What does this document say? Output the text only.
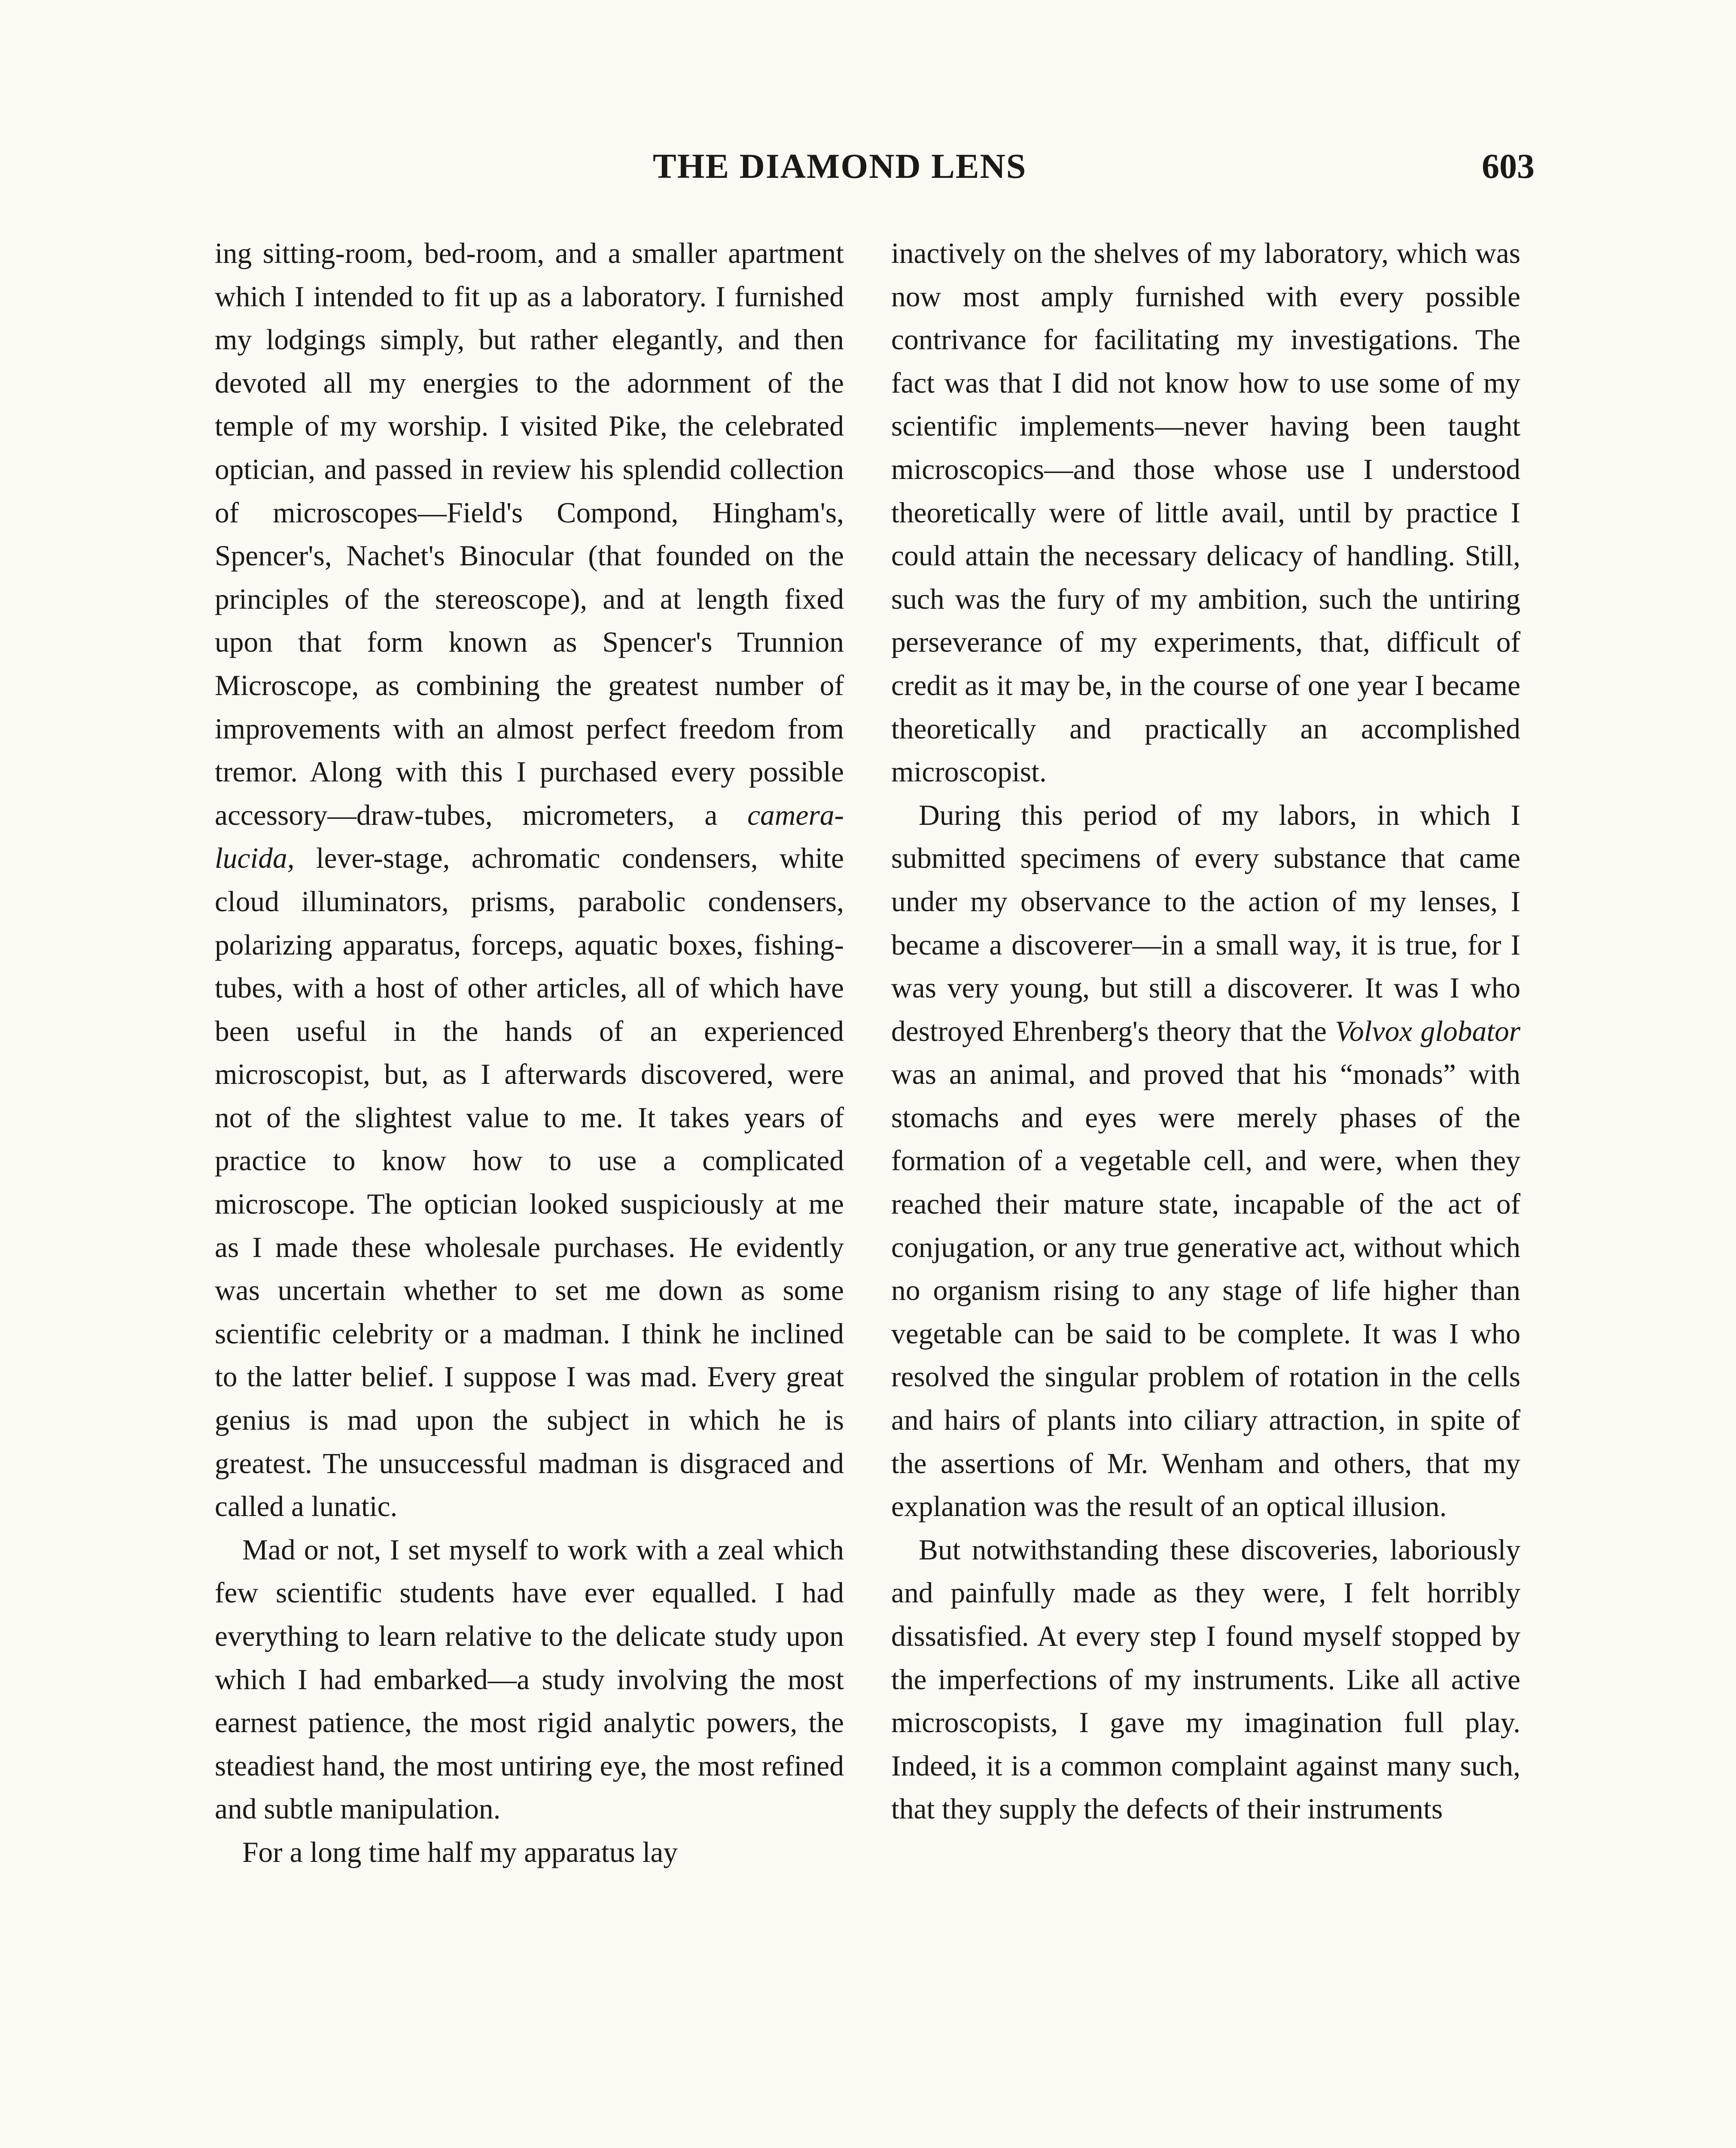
THE DIAMOND LENS	603

ing sitting-room, bed-room, and a smaller apartment which I intended to fit up as a laboratory. I furnished my lodgings simply, but rather elegantly, and then devoted all my energies to the adornment of the temple of my worship. I visited Pike, the celebrated optician, and passed in review his splendid collection of microscopes—Field's Compond, Hingham's, Spencer's, Nachet's Binocular (that founded on the principles of the stereoscope), and at length fixed upon that form known as Spencer's Trunnion Microscope, as combining the greatest number of improvements with an almost perfect freedom from tremor. Along with this I purchased every possible accessory—draw-tubes, micrometers, a camera-lucida, lever-stage, achromatic condensers, white cloud illuminators, prisms, parabolic condensers, polarizing apparatus, forceps, aquatic boxes, fishing-tubes, with a host of other articles, all of which have been useful in the hands of an experienced microscopist, but, as I afterwards discovered, were not of the slightest value to me. It takes years of practice to know how to use a complicated microscope. The optician looked suspiciously at me as I made these wholesale purchases. He evidently was uncertain whether to set me down as some scientific celebrity or a madman. I think he inclined to the latter belief. I suppose I was mad. Every great genius is mad upon the subject in which he is greatest. The unsuccessful madman is disgraced and called a lunatic.

Mad or not, I set myself to work with a zeal which few scientific students have ever equalled. I had everything to learn relative to the delicate study upon which I had embarked—a study involving the most earnest patience, the most rigid analytic powers, the steadiest hand, the most untiring eye, the most refined and subtle manipulation.

For a long time half my apparatus lay

inactively on the shelves of my laboratory, which was now most amply furnished with every possible contrivance for facilitating my investigations. The fact was that I did not know how to use some of my scientific implements—never having been taught microscopics—and those whose use I understood theoretically were of little avail, until by practice I could attain the necessary delicacy of handling. Still, such was the fury of my ambition, such the untiring perseverance of my experiments, that, difficult of credit as it may be, in the course of one year I became theoretically and practically an accomplished microscopist.

During this period of my labors, in which I submitted specimens of every substance that came under my observance to the action of my lenses, I became a discoverer—in a small way, it is true, for I was very young, but still a discoverer. It was I who destroyed Ehrenberg's theory that the Volvox globator was an animal, and proved that his “monads” with stomachs and eyes were merely phases of the formation of a vegetable cell, and were, when they reached their mature state, incapable of the act of conjugation, or any true generative act, without which no organism rising to any stage of life higher than vegetable can be said to be complete. It was I who resolved the singular problem of rotation in the cells and hairs of plants into ciliary attraction, in spite of the assertions of Mr. Wenham and others, that my explanation was the result of an optical illusion.

But notwithstanding these discoveries, laboriously and painfully made as they were, I felt horribly dissatisfied. At every step I found myself stopped by the imperfections of my instruments. Like all active microscopists, I gave my imagination full play. Indeed, it is a common complaint against many such, that they supply the defects of their instruments
